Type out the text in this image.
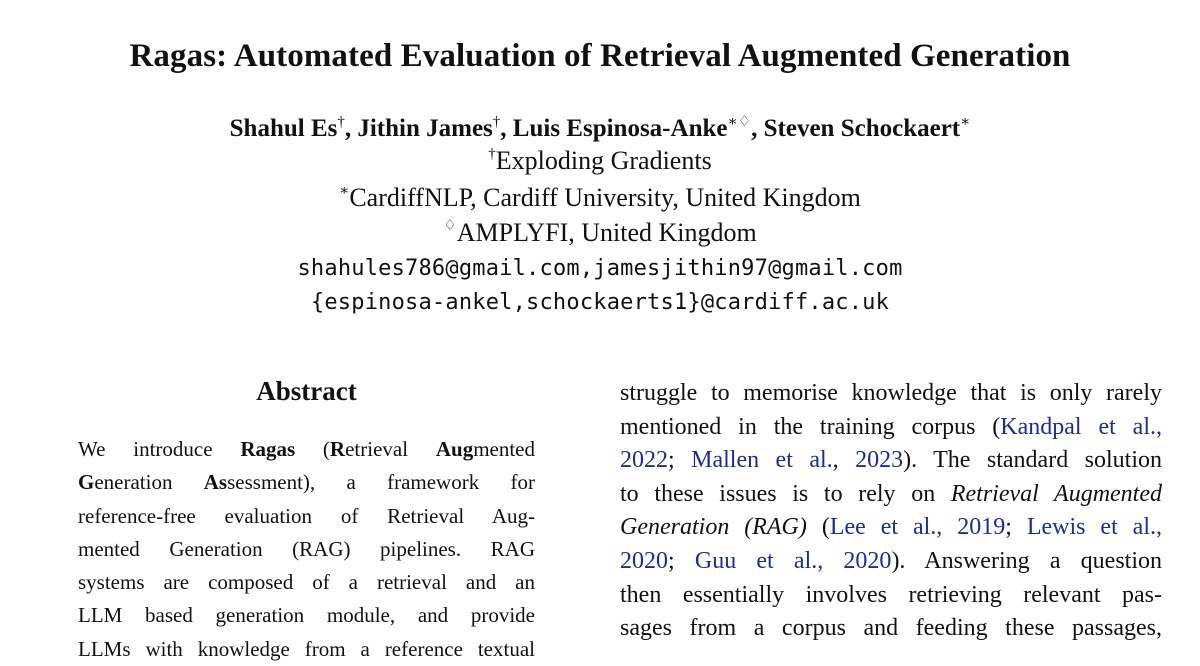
Ragas: Automated Evaluation of Retrieval Augmented Generation
Shahul Es†, Jithin James†, Luis Espinosa-Anke∗♢, Steven Schockaert∗
†Exploding Gradients
∗CardiffNLP, Cardiff University, United Kingdom
♢AMPLYFI, United Kingdom
shahules786@gmail.com,jamesjithin97@gmail.com
{espinosa-ankel,schockaerts1}@cardiff.ac.uk
Abstract
We introduce Ragas (Retrieval Augmented
Generation Assessment), a framework for
reference-free evaluation of Retrieval Aug-
mented Generation (RAG) pipelines. RAG
systems are composed of a retrieval and an
LLM based generation module, and provide
LLMs with knowledge from a reference textual
struggle to memorise knowledge that is only rarely
mentioned in the training corpus (Kandpal et al.,
2022; Mallen et al., 2023). The standard solution
to these issues is to rely on Retrieval Augmented
Generation (RAG) (Lee et al., 2019; Lewis et al.,
2020; Guu et al., 2020). Answering a question
then essentially involves retrieving relevant pas-
sages from a corpus and feeding these passages,
